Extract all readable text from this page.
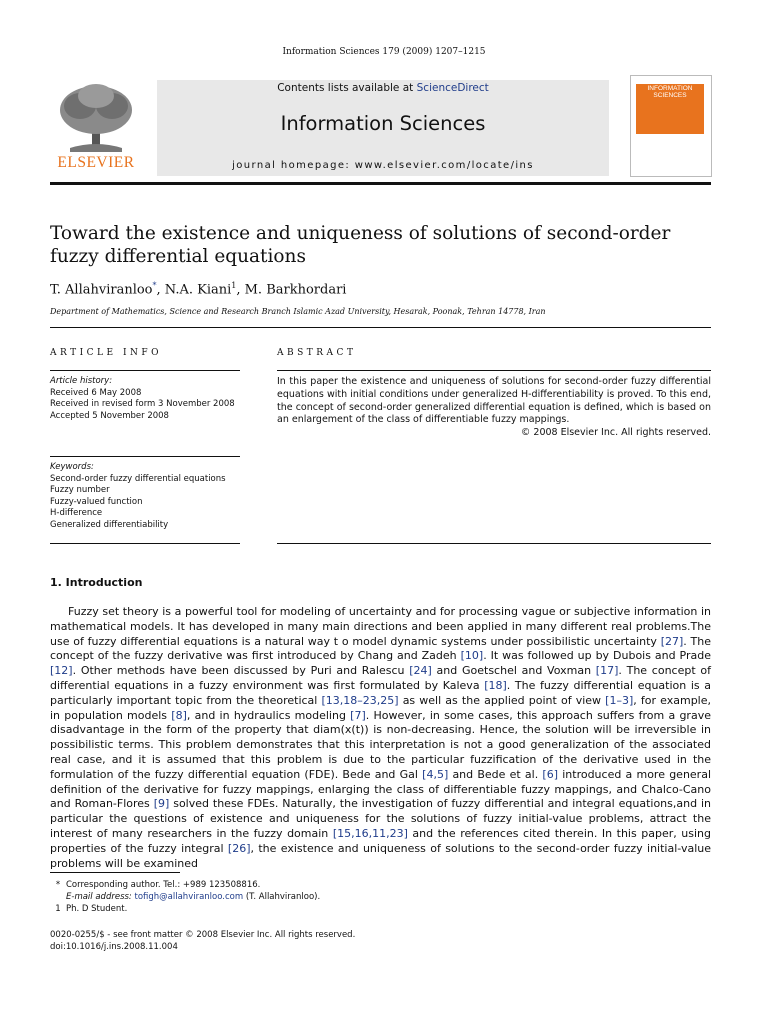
Information Sciences 179 (2009) 1207–1215
ELSEVIER
Contents lists available at ScienceDirect
Information Sciences
journal homepage: www.elsevier.com/locate/ins
INFORMATION SCIENCES
Toward the existence and uniqueness of solutions of second-order fuzzy differential equations
T. Allahviranloo*, N.A. Kiani$^1$, M. Barkhordari
Department of Mathematics, Science and Research Branch Islamic Azad University, Hesarak, Poonak, Tehran 14778, Iran
ARTICLE INFO	ABSTRACT
Article history:
Received 6 May 2008
Received in revised form 3 November 2008
Accepted 5 November 2008
Keywords:
Second-order fuzzy differential equations
Fuzzy number
Fuzzy-valued function
H-difference
Generalized differentiability
In this paper the existence and uniqueness of solutions for second-order fuzzy differential equations with initial conditions under generalized H-differentiability is proved. To this end, the concept of second-order generalized differential equation is defined, which is based on an enlargement of the class of differentiable fuzzy mappings.
© 2008 Elsevier Inc. All rights reserved.
1. Introduction
Fuzzy set theory is a powerful tool for modeling of uncertainty and for processing vague or subjective information in mathematical models. It has developed in many main directions and been applied in many different real problems.The use of fuzzy differential equations is a natural way t o model dynamic systems under possibilistic uncertainty [27]. The concept of the fuzzy derivative was first introduced by Chang and Zadeh [10]. It was followed up by Dubois and Prade [12]. Other methods have been discussed by Puri and Ralescu [24] and Goetschel and Voxman [17]. The concept of differential equations in a fuzzy environment was first formulated by Kaleva [18]. The fuzzy differential equation is a particularly important topic from the theoretical [13,18–23,25] as well as the applied point of view [1–3], for example, in population models [8], and in hydraulics modeling [7]. However, in some cases, this approach suffers from a grave disadvantage in the form of the property that diam(x(t)) is non-decreasing. Hence, the solution will be irreversible in possibilistic terms. This problem demonstrates that this interpretation is not a good generalization of the associated real case, and it is assumed that this problem is due to the particular fuzzification of the derivative used in the formulation of the fuzzy differential equation (FDE). Bede and Gal [4,5] and Bede et al. [6] introduced a more general definition of the derivative for fuzzy mappings, enlarging the class of differentiable fuzzy mappings, and Chalco-Cano and Roman-Flores [9] solved these FDEs. Naturally, the investigation of fuzzy differential and integral equations,and in particular the questions of existence and uniqueness for the solutions of fuzzy initial-value problems, attract the interest of many researchers in the fuzzy domain [15,16,11,23] and the references cited therein. In this paper, using properties of the fuzzy integral [26], the existence and uniqueness of solutions to the second-order fuzzy initial-value problems will be examined
* Corresponding author. Tel.: +989 123508816.
E-mail address: tofigh@allahviranloo.com (T. Allahviranloo).
1 Ph. D Student.
0020-0255/$ - see front matter © 2008 Elsevier Inc. All rights reserved.
doi:10.1016/j.ins.2008.11.004
